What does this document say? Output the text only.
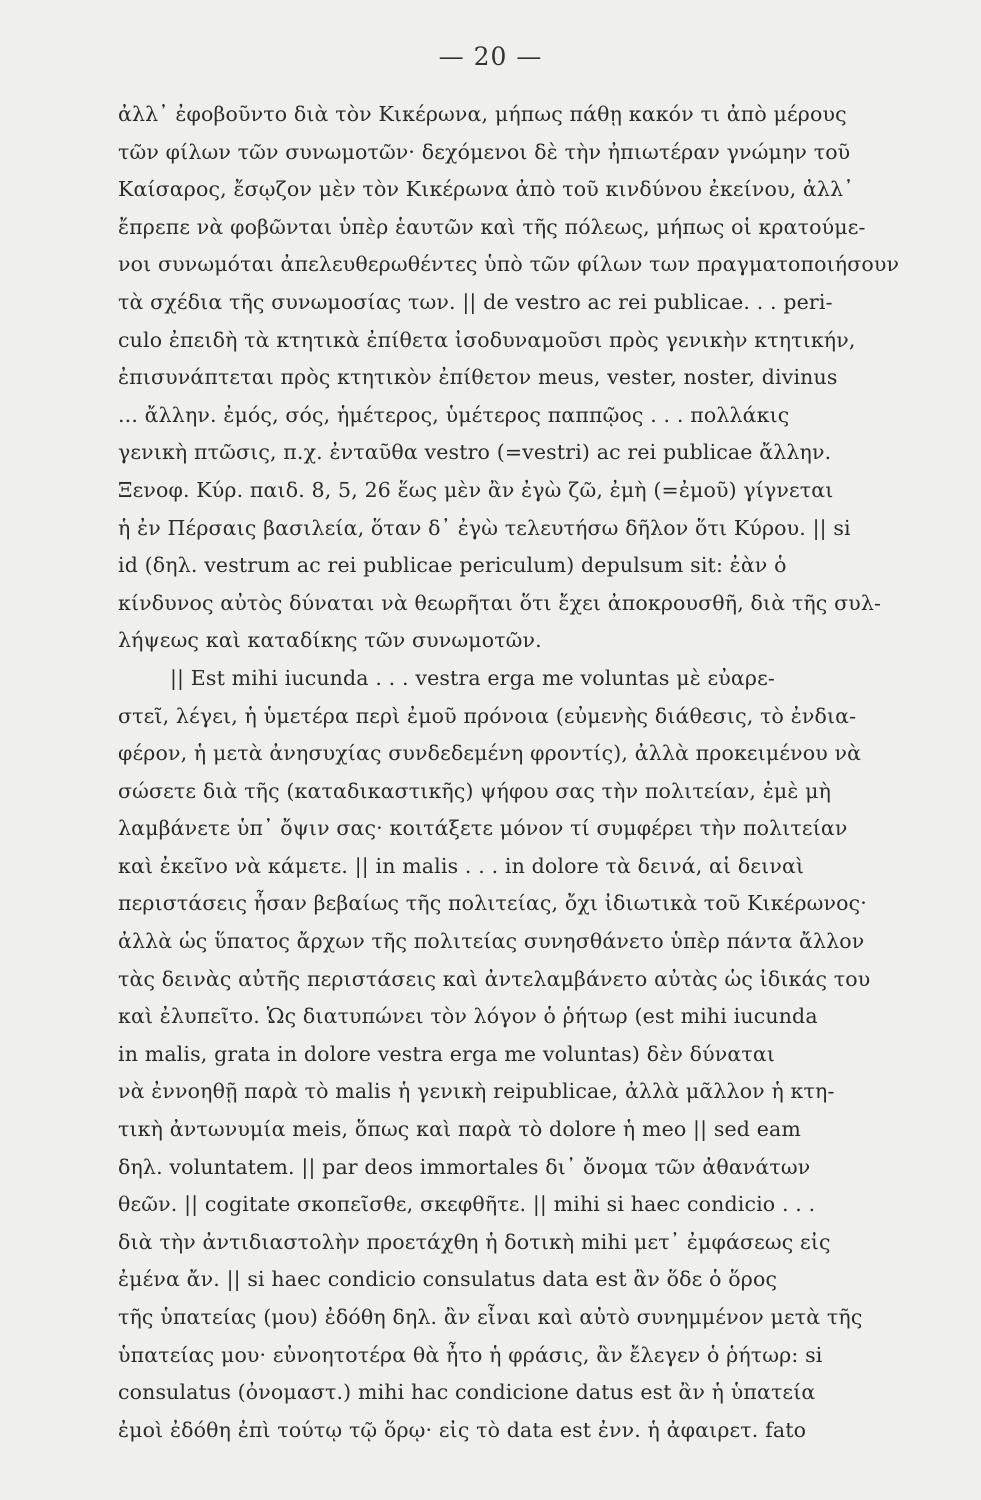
— 20 —
ἀλλ᾽ ἐφοβοῦντο διὰ τὸν Κικέρωνα, μήπως πάθῃ κακόν τι ἀπὸ μέρους
τῶν φίλων τῶν συνωμοτῶν· δεχόμενοι δὲ τὴν ἠπιωτέραν γνώμην τοῦ
Καίσαρος, ἔσῳζον μὲν τὸν Κικέρωνα ἀπὸ τοῦ κινδύνου ἐκείνου, ἀλλ᾽
ἔπρεπε νὰ φοβῶνται ὑπὲρ ἑαυτῶν καὶ τῆς πόλεως, μήπως οἱ κρατούμε-
νοι συνωμόται ἀπελευθερωθέντες ὑπὸ τῶν φίλων των πραγματοποιήσουν
τὰ σχέδια τῆς συνωμοσίας των. || de vestro ac rei publicae. . . peri-
culo ἐπειδὴ τὰ κτητικὰ ἐπίθετα ἰσοδυναμοῦσι πρὸς γενικὴν κτητικήν,
ἐπισυνάπτεται πρὸς κτητικὸν ἐπίθετον meus, vester, noster, divinus
... ἄλλην. ἐμός, σός, ἡμέτερος, ὑμέτερος παππῷος . . . πολλάκις
γενικὴ πτῶσις, π.χ. ἐνταῦθα vestro (=vestri) ac rei publicae ἄλλην.
Ξενοφ. Κύρ. παιδ. 8, 5, 26 ἕως μὲν ἂν ἐγὼ ζῶ, ἐμὴ (=ἐμοῦ) γίγνεται
ἡ ἐν Πέρσαις βασιλεία, ὅταν δ᾽ ἐγὼ τελευτήσω δῆλον ὅτι Κύρου. || si
id (δηλ. vestrum ac rei publicae periculum) depulsum sit: ἐὰν ὁ
κίνδυνος αὐτὸς δύναται νὰ θεωρῆται ὅτι ἔχει ἀποκρουσθῆ, διὰ τῆς συλ-
λήψεως καὶ καταδίκης τῶν συνωμοτῶν.
|| Est mihi iucunda . . . vestra erga me voluntas μὲ εὐαρε-
στεῖ, λέγει, ἡ ὑμετέρα περὶ ἐμοῦ πρόνοια (εὐμενὴς διάθεσις, τὸ ἐνδια-
φέρον, ἡ μετὰ ἀνησυχίας συνδεδεμένη φροντίς), ἀλλὰ προκειμένου νὰ
σώσετε διὰ τῆς (καταδικαστικῆς) ψήφου σας τὴν πολιτείαν, ἐμὲ μὴ
λαμβάνετε ὑπ᾽ ὄψιν σας· κοιτάξετε μόνον τί συμφέρει τὴν πολιτείαν
καὶ ἐκεῖνο νὰ κάμετε. || in malis . . . in dolore τὰ δεινά, αἱ δειναὶ
περιστάσεις ἦσαν βεβαίως τῆς πολιτείας, ὄχι ἰδιωτικὰ τοῦ Κικέρωνος·
ἀλλὰ ὡς ὕπατος ἄρχων τῆς πολιτείας συνησθάνετο ὑπὲρ πάντα ἄλλον
τὰς δεινὰς αὐτῆς περιστάσεις καὶ ἀντελαμβάνετο αὐτὰς ὡς ἰδικάς του
καὶ ἐλυπεῖτο. Ὡς διατυπώνει τὸν λόγον ὁ ῥήτωρ (est mihi iucunda
in malis, grata in dolore vestra erga me voluntas) δὲν δύναται
νὰ ἐννοηθῇ παρὰ τὸ malis ἡ γενικὴ reipublicae, ἀλλὰ μᾶλλον ἡ κτη-
τικὴ ἀντωνυμία meis, ὅπως καὶ παρὰ τὸ dolore ἡ meo || sed eam
δηλ. voluntatem. || par deos immortales δι᾽ ὄνομα τῶν ἀθανάτων
θεῶν. || cogitate σκοπεῖσθε, σκεφθῆτε. || mihi si haec condicio . . .
διὰ τὴν ἀντιδιαστολὴν προετάχθη ἡ δοτικὴ mihi μετ᾽ ἐμφάσεως εἰς
ἐμένα ἄν. || si haec condicio consulatus data est ἂν ὅδε ὁ ὅρος
τῆς ὑπατείας (μου) ἐδόθη δηλ. ἂν εἶναι καὶ αὐτὸ συνημμένον μετὰ τῆς
ὑπατείας μου· εὐνοητοτέρα θὰ ἦτο ἡ φράσις, ἂν ἔλεγεν ὁ ῥήτωρ: si
consulatus (ὀνομαστ.) mihi hac condicione datus est ἂν ἡ ὑπατεία
ἐμοὶ ἐδόθη ἐπὶ τούτῳ τῷ ὅρῳ· εἰς τὸ data est ἐνν. ἡ ἀφαιρετ. fato
